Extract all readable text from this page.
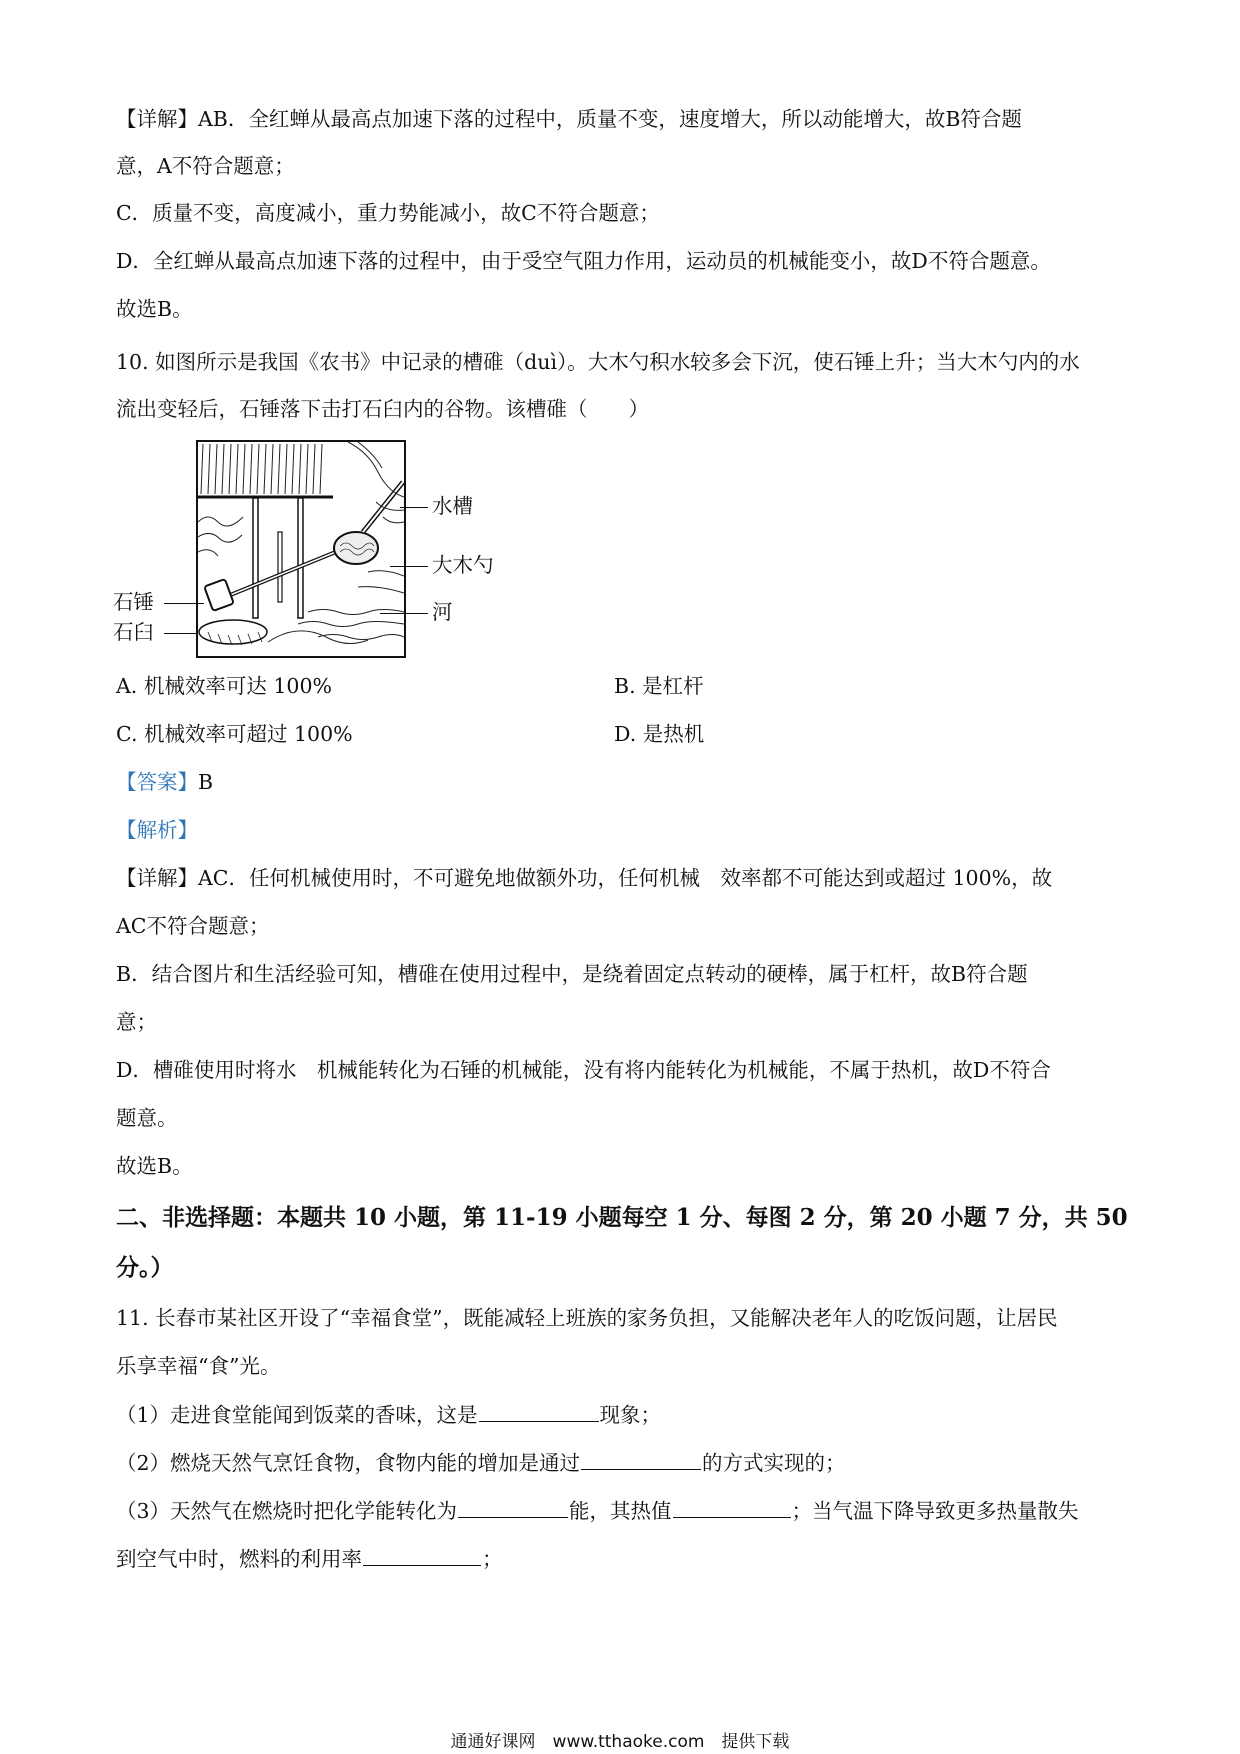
【详解】AB．全红蝉从最高点加速下落的过程中，质量不变，速度增大，所以动能增大，故B符合题
意，A不符合题意；
C．质量不变，高度减小，重力势能减小，故C不符合题意；
D．全红蝉从最高点加速下落的过程中，由于受空气阻力作用，运动员的机械能变小，故D不符合题意。
故选B。
10. 如图所示是我国《农书》中记录的槽碓（duì）。大木勺积水较多会下沉，使石锤上升；当大木勺内的水
流出变轻后，石锤落下击打石臼内的谷物。该槽碓（　　）
水槽
大木勺
河
石锤
石臼
A. 机械效率可达 100%	B. 是杠杆
C. 机械效率可超过 100%	D. 是热机
【答案】B
【解析】
【详解】AC．任何机械使用时，不可避免地做额外功，任何机械　效率都不可能达到或超过 100%，故
AC不符合题意；
B．结合图片和生活经验可知，槽碓在使用过程中，是绕着固定点转动的硬棒，属于杠杆，故B符合题
意；
D．槽碓使用时将水　机械能转化为石锤的机械能，没有将内能转化为机械能，不属于热机，故D不符合
题意。
故选B。
二、非选择题：本题共 10 小题，第 11-19 小题每空 1 分、每图 2 分，第 20 小题 7 分，共 50
分。）
11. 长春市某社区开设了“幸福食堂”，既能减轻上班族的家务负担，又能解决老年人的吃饭问题，让居民
乐享幸福“食”光。
（1）走进食堂能闻到饭菜的香味，这是	现象；
（2）燃烧天然气烹饪食物，食物内能的增加是通过	的方式实现的；
（3）天然气在燃烧时把化学能转化为	能，其热值	；当气温下降导致更多热量散失
到空气中时，燃料的利用率	；
通通好课网　www.tthaoke.com　提供下载
